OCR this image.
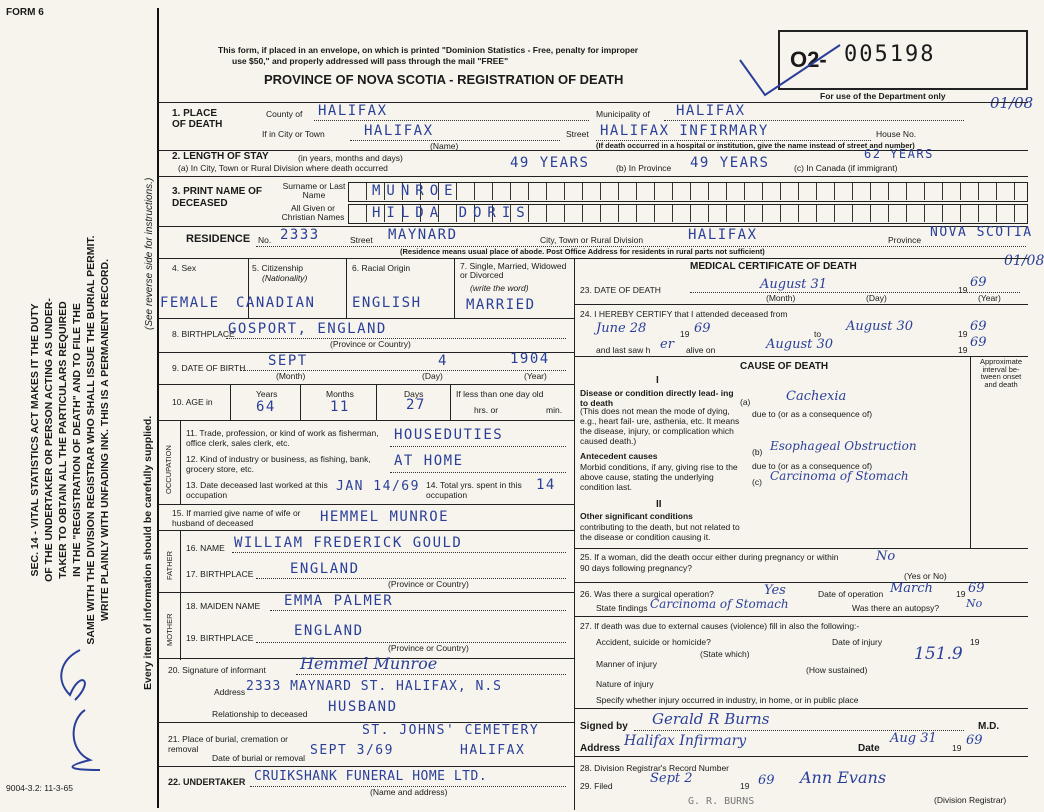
FORM 6
SEC. 14 - VITAL STATISTICS ACT MAKES IT THE DUTY OF THE UNDERTAKER OR PERSON ACTING AS UNDER- TAKER TO OBTAIN ALL THE PARTICULARS REQUIRED IN THE "REGISTRATION OF DEATH" AND TO FILE THE SAME WITH THE DIVISION REGISTRAR WHO SHALL ISSUE THE BURIAL PERMIT. WRITE PLAINLY WITH UNFADING INK. THIS IS A PERMANENT RECORD.	Every item of information should be carefully supplied.
(See reverse side for instructions.)
9004-3.2: 11-3-65
This form, if placed in an envelope, on which is printed "Dominion Statistics - Free, penalty for improper
use $50," and properly addressed will pass through the mail "FREE"
PROVINCE OF NOVA SCOTIA - REGISTRATION OF DEATH
O2- 005198
For use of the Department only	01/08
1. PLACE OF DEATH
County of HALIFAX	Municipality of HALIFAX
If in City or Town	HALIFAX
(Name)
Street HALIFAX INFIRMARY	House No.
(If death occurred in a hospital or institution, give the name instead of street and number)
2. LENGTH OF STAY	(in years, months and days)
(a) In City, Town or Rural Division where death occurred	49 YEARS	(b) In Province 49 YEARS	(c) In Canada (if immigrant)
62 YEARS
3. PRINT NAME OF DECEASED
Surname or Last Name
All Given or Christian Names
MUNROE
HILDA DORIS
RESIDENCE No. 2333	Street MAYNARD	City, Town or Rural Division	HALIFAX	Province NOVA SCOTIA
(Residence means usual place of abode. Post Office Address for residents in rural parts not sufficient)
01/08
4. Sex	5. Citizenship
(Nationality)
6. Racial Origin	7. Single, Married, Widowed or Divorced
(write the word)
FEMALE CANADIAN	ENGLISH	MARRIED
8. BIRTHPLACE
GOSPORT, ENGLAND
(Province or Country)
9. DATE OF BIRTH SEPT	4	1904
(Month)	(Day)	(Year)
10. AGE in
Years	Months	Days
64	11	27
If less than one day old
hrs. or	min.
OCCUPATION
11. Trade, profession, or kind of work as fisherman, office clerk, sales clerk, etc.	HOUSEDUTIES
12. Kind of industry or business, as fishing, bank, grocery store, etc.	AT HOME
13. Date deceased last worked at this occupation
JAN 14/69 14. Total yrs. spent in this occupation
14
15. If married give name of wife or husband of deceased	HEMMEL MUNROE
FATHER
16. NAME WILLIAM FREDERICK GOULD
17. BIRTHPLACE	ENGLAND
(Province or Country)
MOTHER
18. MAIDEN NAME EMMA PALMER
19. BIRTHPLACE	ENGLAND
(Province or Country)
20. Signature of informant Hemmel Munroe
Address 2333 MAYNARD ST. HALIFAX, N.S
Relationship to deceased HUSBAND
21. Place of burial, cremation or removal
ST. JOHNS' CEMETERY
Date of burial or removal SEPT 3/69	HALIFAX
22. UNDERTAKER CRUIKSHANK FUNERAL HOME LTD.
(Name and address)
MEDICAL CERTIFICATE OF DEATH
23. DATE OF DEATH	August 31	19 69
(Month)	(Day)	(Year)
24. I HEREBY CERTIFY that I attended deceased from
June 28	19 69	to August 30	19 69
and last saw h er alive on	August 30	19 69
CAUSE OF DEATH	Approximate interval be- tween onset and death
I
Disease or condition directly lead- ing to death
(This does not mean the mode of dying, e.g., heart fail- ure, asthenia, etc. It means the disease, injury, or complication which caused death.)
(a)	Cachexia
due to (or as a consequence of)
Antecedent causes
Morbid conditions, if any, giving rise to the above cause, stating the underlying condition last.
(b) Esophageal Obstruction
due to (or as a consequence of)
(c) Carcinoma of Stomach
II
Other significant conditions
contributing to the death, but not related to the disease or condition causing it.
25. If a woman, did the death occur either during pregnancy or within 90 days following pregnancy?
No
(Yes or No)
26. Was there a surgical operation?	Yes	Date of operation March	19 69
State findings Carcinoma of Stomach	Was there an autopsy? No
27. If death was due to external causes (violence) fill in also the following:-
Accident, suicide or homicide?	Date of injury	19
(State which)	151.9
Manner of injury
(How sustained)
Nature of injury
Specify whether injury occurred in industry, in home, or in public place
Signed by Gerald R Burns	M.D.
Address Halifax Infirmary	Date
Aug 31
19 69
28. Division Registrar's Record Number
29. Filed	Sept 2	19 69 Ann Evans
(Division Registrar)
G. R. BURNS
